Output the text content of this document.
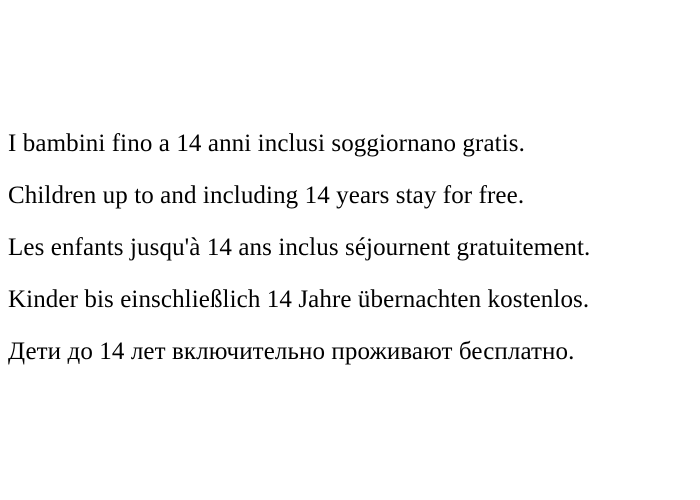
I bambini fino a 14 anni inclusi soggiornano gratis.
Children up to and including 14 years stay for free.
Les enfants jusqu'à 14 ans inclus séjournent gratuitement.
Kinder bis einschließlich 14 Jahre übernachten kostenlos.
Дети до 14 лет включительно проживают бесплатно.
